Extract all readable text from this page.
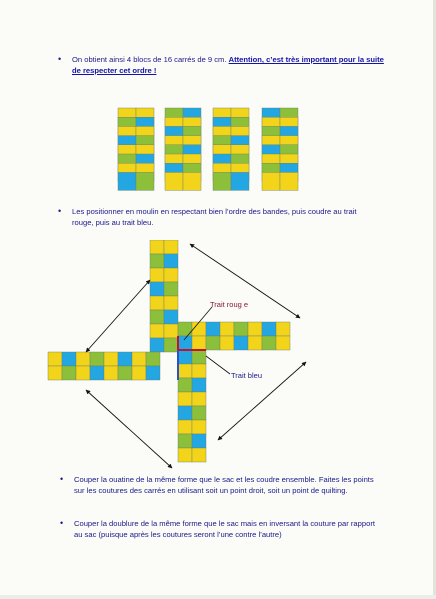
• On obtient ainsi 4 blocs de 16 carrés de 9 cm. Attention, c’est très important pour la suite de respecter cet ordre !
• Les positionner en moulin en respectant bien l’ordre des bandes, puis coudre au trait rouge, puis au trait bleu.
Trait roug e
Trait bleu
• Couper la ouatine de la même forme que le sac et les coudre ensemble. Faites les points sur les coutures des carrés en utilisant soit un point droit, soit un point de quilting.
• Couper la doublure de la même forme que le sac mais en inversant la couture par rapport au sac (puisque après les coutures seront l’une contre l’autre)
